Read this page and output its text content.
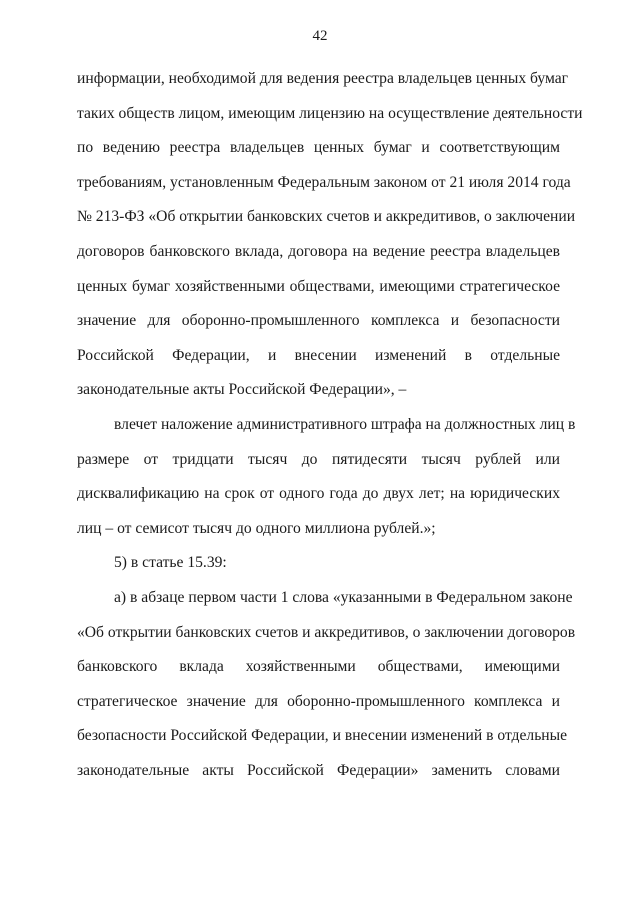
42
информации, необходимой для ведения реестра владельцев ценных бумаг
таких обществ лицом, имеющим лицензию на осуществление деятельности
по ведению реестра владельцев ценных бумаг и соответствующим
требованиям, установленным Федеральным законом от 21 июля 2014 года
№ 213-ФЗ «Об открытии банковских счетов и аккредитивов, о заключении
договоров банковского вклада, договора на ведение реестра владельцев
ценных бумаг хозяйственными обществами, имеющими стратегическое
значение для оборонно-промышленного комплекса и безопасности
Российской Федерации, и внесении изменений в отдельные
законодательные акты Российской Федерации», –
влечет наложение административного штрафа на должностных лиц в
размере от тридцати тысяч до пятидесяти тысяч рублей или
дисквалификацию на срок от одного года до двух лет; на юридических
лиц – от семисот тысяч до одного миллиона рублей.»;
5) в статье 15.39:
а) в абзаце первом части 1 слова «указанными в Федеральном законе
«Об открытии банковских счетов и аккредитивов, о заключении договоров
банковского вклада хозяйственными обществами, имеющими
стратегическое значение для оборонно-промышленного комплекса и
безопасности Российской Федерации, и внесении изменений в отдельные
законодательные акты Российской Федерации» заменить словами
